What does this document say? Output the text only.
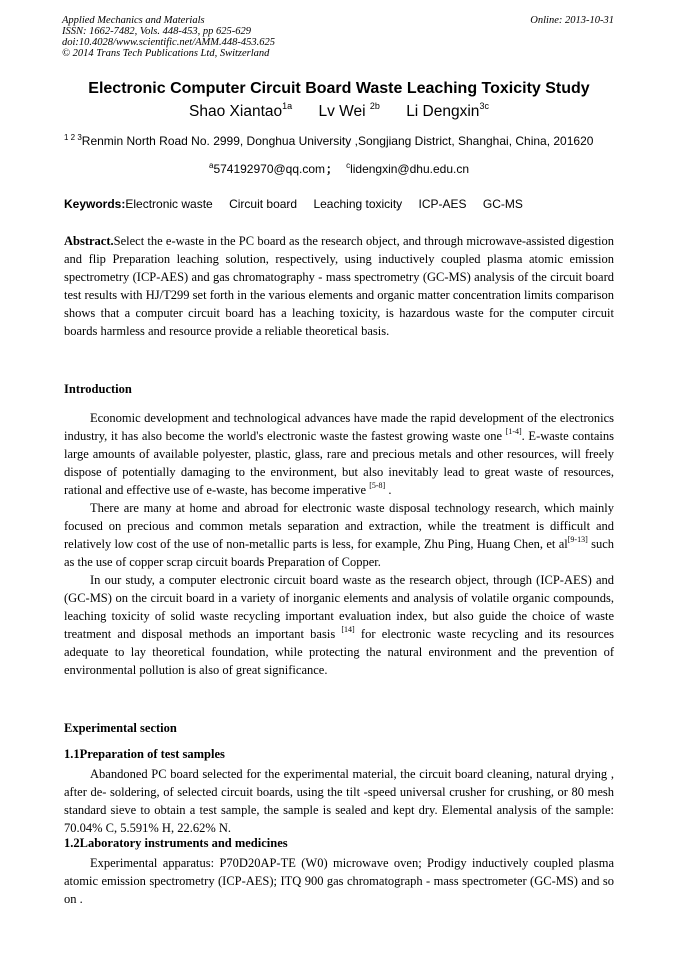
Applied Mechanics and Materials
ISSN: 1662-7482, Vols. 448-453, pp 625-629
doi:10.4028/www.scientific.net/AMM.448-453.625
© 2014 Trans Tech Publications Ltd, Switzerland
Online: 2013-10-31
Electronic Computer Circuit Board Waste Leaching Toxicity Study
Shao Xiantao$^{1a}$ Lv Wei $^{2b}$ Li Dengxin$^{3c}$
$^{1 2 3}$Renmin North Road No. 2999, Donghua University ,Songjiang District, Shanghai, China, 201620
$^a$574192970@qq.com； $^c$lidengxin@dhu.edu.cn
Keywords:Electronic waste Circuit board Leaching toxicity ICP-AES GC-MS
Abstract.Select the e-waste in the PC board as the research object, and through microwave-assisted digestion and flip Preparation leaching solution, respectively, using inductively coupled plasma atomic emission spectrometry (ICP-AES) and gas chromatography - mass spectrometry (GC-MS) analysis of the circuit board test results with HJ/T299 set forth in the various elements and organic matter concentration limits comparison shows that a computer circuit board has a leaching toxicity, is hazardous waste for the computer circuit boards harmless and resource provide a reliable theoretical basis.
Introduction

Economic development and technological advances have made the rapid development of the electronics industry, it has also become the world's electronic waste the fastest growing waste one [1-4]. E-waste contains large amounts of available polyester, plastic, glass, rare and precious metals and other resources, will freely dispose of potentially damaging to the environment, but also inevitably lead to great waste of resources, rational and effective use of e-waste, has become imperative [5-8] .

There are many at home and abroad for electronic waste disposal technology research, which mainly focused on precious and common metals separation and extraction, while the treatment is difficult and relatively low cost of the use of non-metallic parts is less, for example, Zhu Ping, Huang Chen, et al[9-13] such as the use of copper scrap circuit boards Preparation of Copper.

In our study, a computer electronic circuit board waste as the research object, through (ICP-AES) and (GC-MS) on the circuit board in a variety of inorganic elements and analysis of volatile organic compounds, leaching toxicity of solid waste recycling important evaluation index, but also guide the choice of waste treatment and disposal methods an important basis [14] for electronic waste recycling and its resources adequate to lay theoretical foundation, while protecting the natural environment and the prevention of environmental pollution is also of great significance.

Experimental section
1.1Preparation of test samples

Abandoned PC board selected for the experimental material, the circuit board cleaning, natural drying , after de- soldering, of selected circuit boards, using the tilt -speed universal crusher for crushing, or 80 mesh standard sieve to obtain a test sample, the sample is sealed and kept dry. Elemental analysis of the sample: 70.04% C, 5.591% H, 22.62% N.

1.2Laboratory instruments and medicines

Experimental apparatus: P70D20AP-TE (W0) microwave oven; Prodigy inductively coupled plasma atomic emission spectrometry (ICP-AES); ITQ 900 gas chromatograph - mass spectrometer (GC-MS) and so on .
